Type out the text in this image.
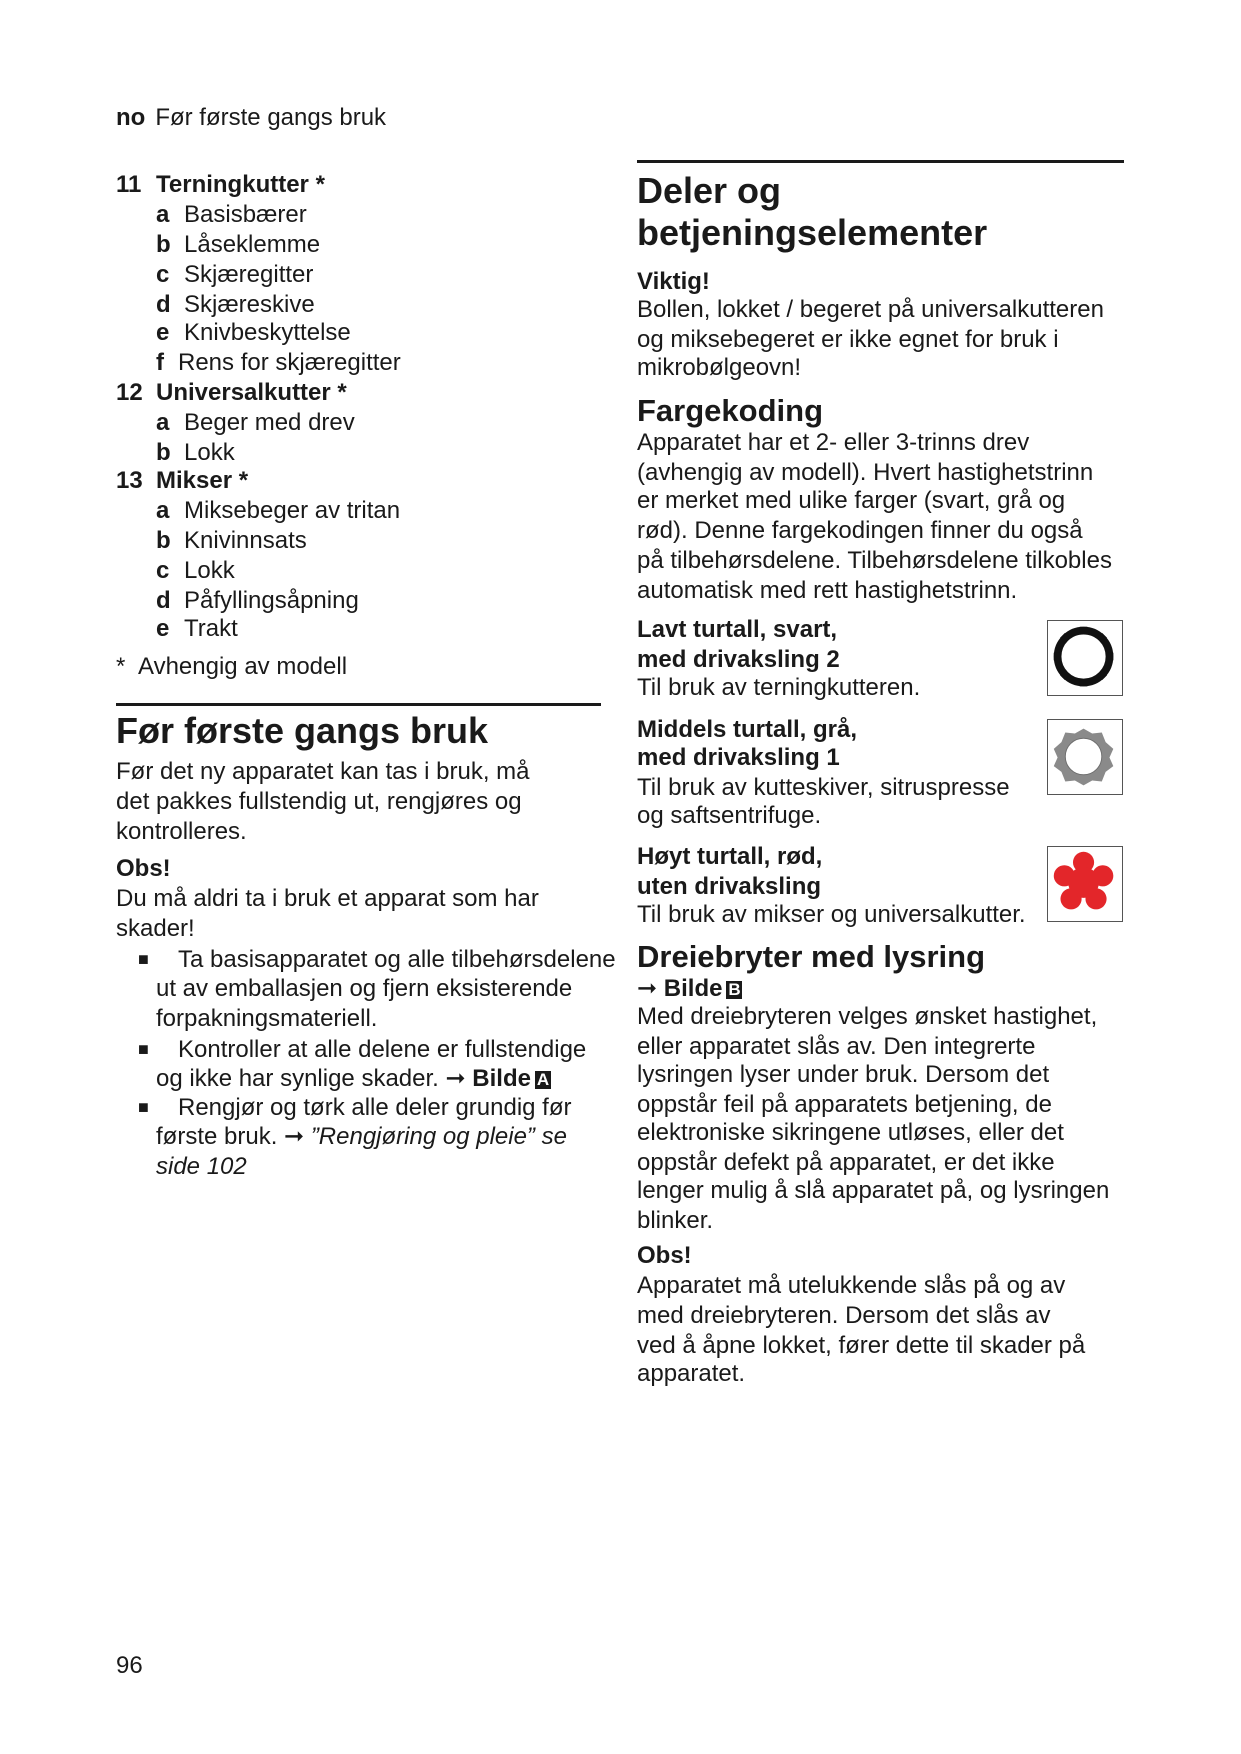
no Før første gangs bruk
11 Terningkutter *
a Basisbærer
b Låseklemme
c Skjæregitter
d Skjæreskive
e Knivbeskyttelse
f Rens for skjæregitter
12 Universalkutter *
a Beger med drev
b Lokk
13 Mikser *
a Miksebeger av tritan
b Knivinnsats
c Lokk
d Påfyllingsåpning
e Trakt
* Avhengig av modell
Før første gangs bruk
Før det ny apparatet kan tas i bruk, må
det pakkes fullstendig ut, rengjøres og
kontrolleres.
Obs!
Du må aldri ta i bruk et apparat som har
skader!
■ Ta basisapparatet og alle tilbehørsdelene
ut av emballasjen og fjern eksisterende
forpakningsmateriell.
■ Kontroller at alle delene er fullstendige
og ikke har synlige skader. ➞ Bilde A
■ Rengjør og tørk alle deler grundig før
første bruk. ➞ ”Rengjøring og pleie” se
side 102
Deler og
betjeningselementer
Viktig!
Bollen, lokket / begeret på universalkutteren
og miksebegeret er ikke egnet for bruk i
mikrobølgeovn!
Fargekoding
Apparatet har et 2- eller 3-trinns drev
(avhengig av modell). Hvert hastighetstrinn
er merket med ulike farger (svart, grå og
rød). Denne fargekodingen finner du også
på tilbehørsdelene. Tilbehørsdelene tilkobles
automatisk med rett hastighetstrinn.
Lavt turtall, svart,
med drivaksling 2
Til bruk av terningkutteren.
Middels turtall, grå,
med drivaksling 1
Til bruk av kutteskiver, sitruspresse
og saftsentrifuge.
Høyt turtall, rød,
uten drivaksling
Til bruk av mikser og universalkutter.
Dreiebryter med lysring
➞ Bilde B
Med dreiebryteren velges ønsket hastighet,
eller apparatet slås av. Den integrerte
lysringen lyser under bruk. Dersom det
oppstår feil på apparatets betjening, de
elektroniske sikringene utløses, eller det
oppstår defekt på apparatet, er det ikke
lenger mulig å slå apparatet på, og lysringen
blinker.
Obs!
Apparatet må utelukkende slås på og av
med dreiebryteren. Dersom det slås av
ved å åpne lokket, fører dette til skader på
apparatet.
96
